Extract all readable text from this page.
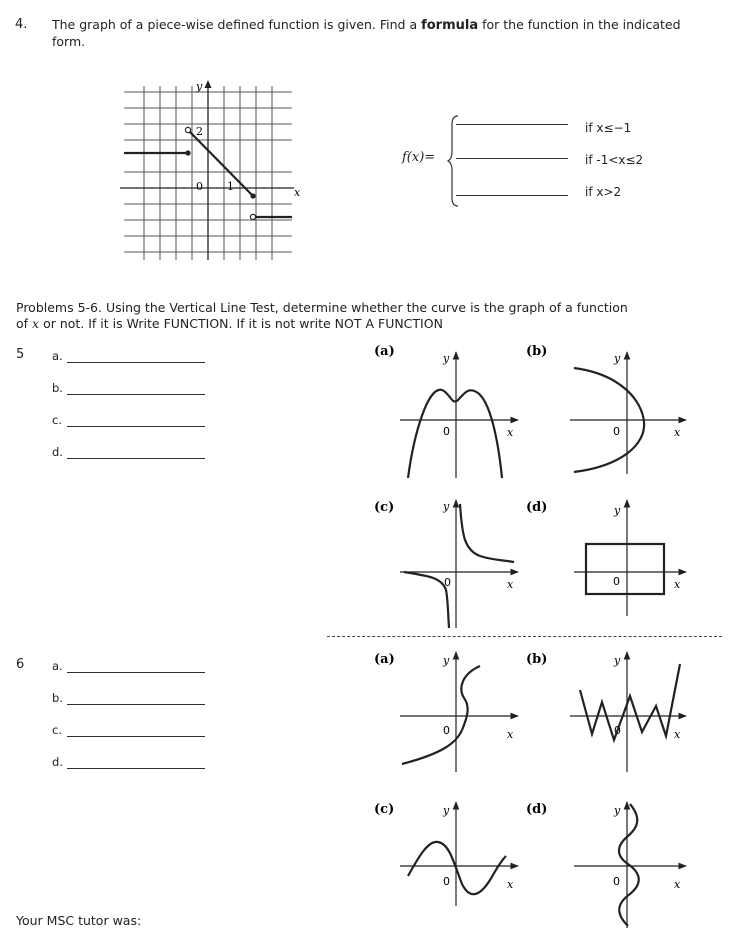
4. The graph of a piece-wise defined function is given. Find a formula for the function in the indicated form.
y
x
0
2
1
f(x)=
if x≤−1
if -1<x≤2
if x>2
Problems 5-6. Using the Vertical Line Test, determine whether the curve is the graph of a function
of x or not. If it is Write FUNCTION. If it is not write NOT A FUNCTION
5 a.
b.
c.
d.
(a)	y
x
0
(b)	y
x
0
(c)	y
x
0
(d)	y
x
0
6 a.
b.
c.
d.
(a)	y
x
0
(b)	y
x
0
(c)	y
x
0
(d)	y
x
0
Your MSC tutor was:
